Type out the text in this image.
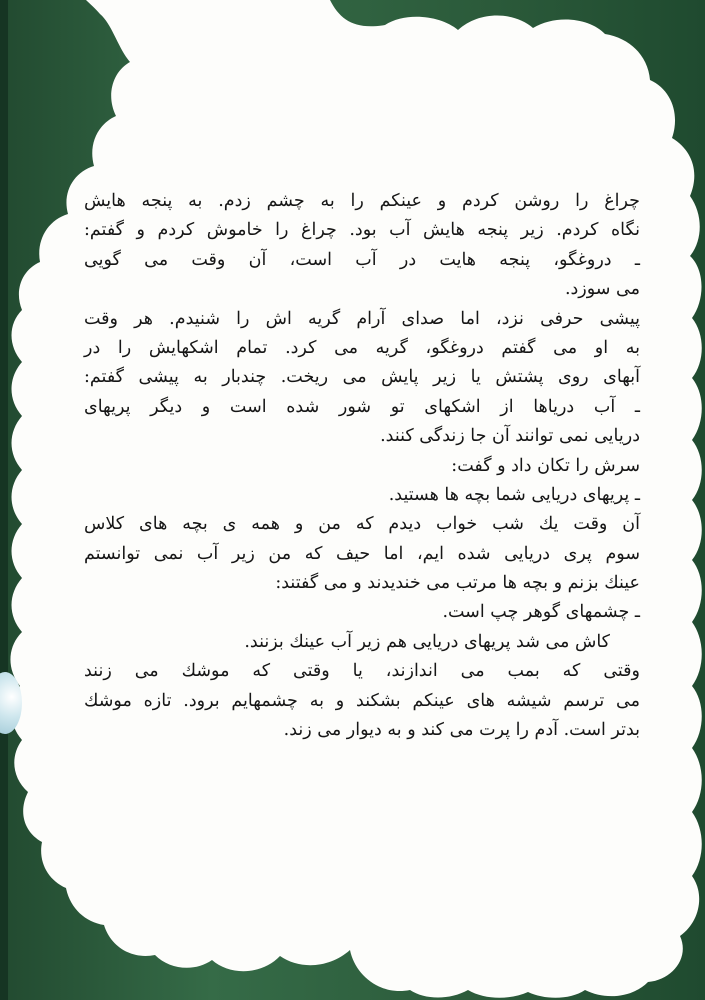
چراغ را روشن کردم و عینکم را به چشم زدم. به پنجه هایش
نگاه کردم. زیر پنجه هایش آب بود. چراغ را خاموش کردم و گفتم:
ـ دروغگو، پنجه هایت در آب است، آن وقت می گویی
می سوزد.
پیشی حرفی نزد، اما صدای آرام گریه اش را شنیدم. هر وقت
به او می گفتم دروغگو، گریه می کرد. تمام اشکهایش را در
آبهای روی پشتش یا زیر پایش می ریخت. چندبار به پیشی گفتم:
ـ آب دریاها از اشکهای تو شور شده است و دیگر پریهای
دریایی نمی توانند آن جا زندگی کنند.
سرش را تکان داد و گفت:
ـ پریهای دریایی شما بچه ها هستید.
آن وقت یك شب خواب دیدم که من و همه ی بچه های کلاس
سوم پری دریایی شده ایم، اما حیف که من زیر آب نمی توانستم
عینك بزنم و بچه ها مرتب می خندیدند و می گفتند:
ـ چشمهای گوهر چپ است.
کاش می شد پریهای دریایی هم زیر آب عینك بزنند.
وقتی که بمب می اندازند، یا وقتی که موشك می زنند
می ترسم شیشه های عینکم بشکند و به چشمهایم برود. تازه موشك
بدتر است. آدم را پرت می کند و به دیوار می زند.
